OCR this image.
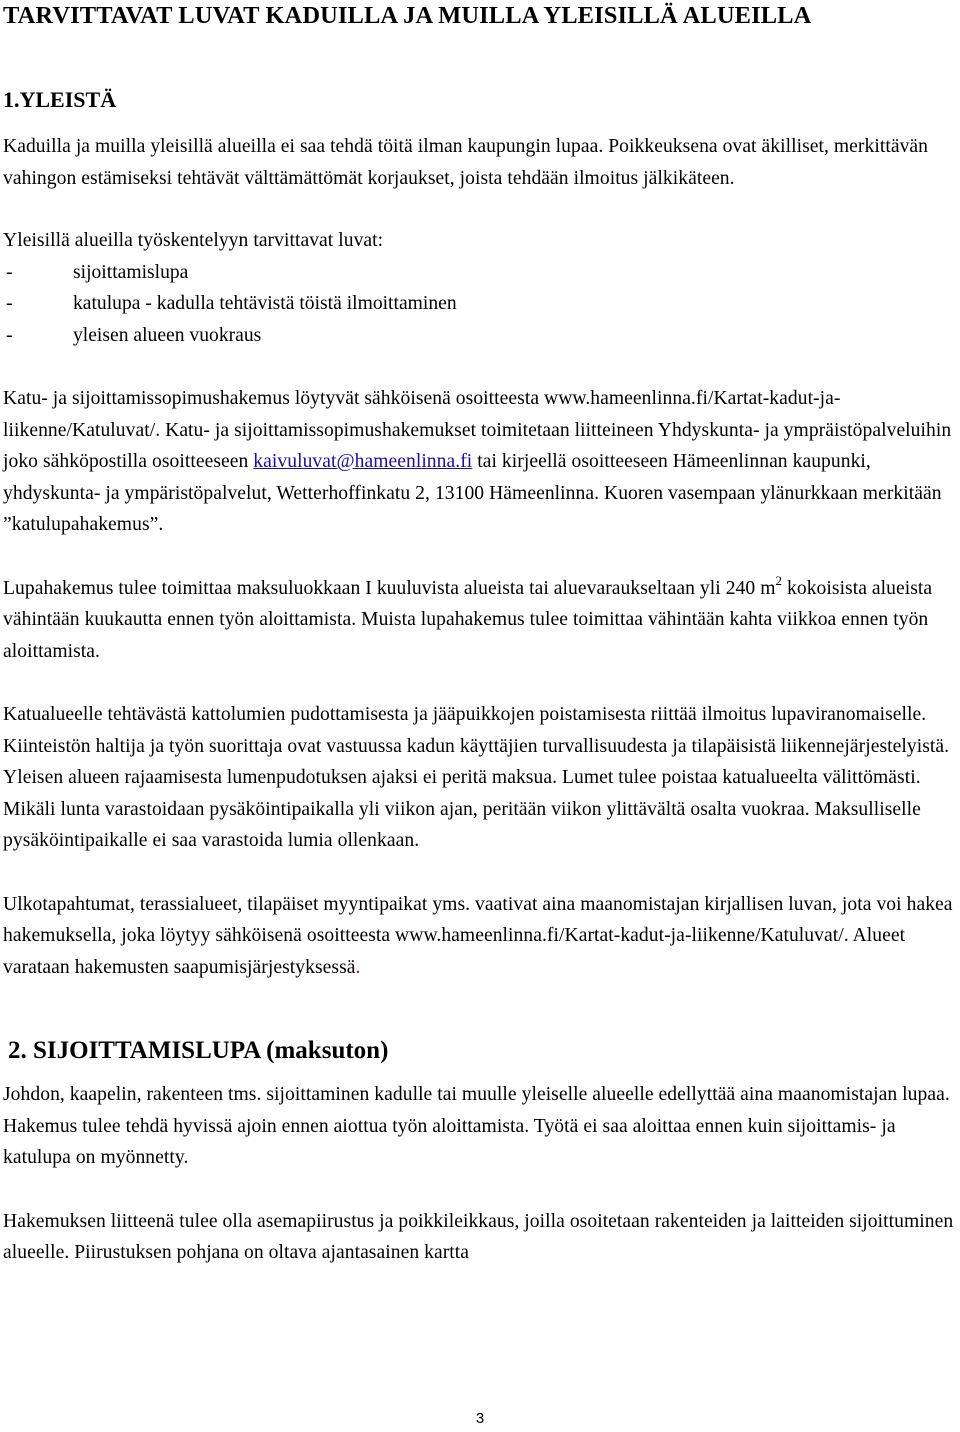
TARVITTAVAT LUVAT KADUILLA JA MUILLA YLEISILLÄ ALUEILLA
1.YLEISTÄ

Kaduilla ja muilla yleisillä alueilla ei saa tehdä töitä ilman kaupungin lupaa. Poikkeuksena ovat äkilliset, merkittävän vahingon estämiseksi tehtävät välttämättömät korjaukset, joista tehdään ilmoitus jälkikäteen.

Yleisillä alueilla työskentelyyn tarvittavat luvat:

-	sijoittamislupa
-	katulupa - kadulla tehtävistä töistä ilmoittaminen
-	yleisen alueen vuokraus

Katu- ja sijoittamissopimushakemus löytyvät sähköisenä osoitteesta www.hameenlinna.fi/Kartat-kadut-ja-liikenne/Katuluvat/. Katu- ja sijoittamissopimushakemukset toimitetaan liitteineen Yhdyskunta- ja ympräistöpalveluihin joko sähköpostilla osoitteeseen kaivuluvat@hameenlinna.fi tai kirjeellä osoitteeseen Hämeenlinnan kaupunki, yhdyskunta- ja ympäristöpalvelut, Wetterhoffinkatu 2, 13100 Hämeenlinna. Kuoren vasempaan ylänurkkaan merkitään ”katulupahakemus”.

Lupahakemus tulee toimittaa maksuluokkaan I kuuluvista alueista tai aluevaraukseltaan yli 240 $m^2$ kokoisista alueista vähintään kuukautta ennen työn aloittamista. Muista lupahakemus tulee toimittaa vähintään kahta viikkoa ennen työn aloittamista.

Katualueelle tehtävästä kattolumien pudottamisesta ja jääpuikkojen poistamisesta riittää ilmoitus lupaviranomaiselle. Kiinteistön haltija ja työn suorittaja ovat vastuussa kadun käyttäjien turvallisuudesta ja tilapäisistä liikennejärjestelyistä. Yleisen alueen rajaamisesta lumenpudotuksen ajaksi ei peritä maksua. Lumet tulee poistaa katualueelta välittömästi. Mikäli lunta varastoidaan pysäköintipaikalla yli viikon ajan, peritään viikon ylittävältä osalta vuokraa. Maksulliselle pysäköintipaikalle ei saa varastoida lumia ollenkaan.

Ulkotapahtumat, terassialueet, tilapäiset myyntipaikat yms. vaativat aina maanomistajan kirjallisen luvan, jota voi hakea hakemuksella, joka löytyy sähköisenä osoitteesta www.hameenlinna.fi/Kartat-kadut-ja-liikenne/Katuluvat/. Alueet varataan hakemusten saapumisjärjestyksessä.

2. SIJOITTAMISLUPA (maksuton)

Johdon, kaapelin, rakenteen tms. sijoittaminen kadulle tai muulle yleiselle alueelle edellyttää aina maanomistajan lupaa. Hakemus tulee tehdä hyvissä ajoin ennen aiottua työn aloittamista. Työtä ei saa aloittaa ennen kuin sijoittamis- ja katulupa on myönnetty.

Hakemuksen liitteenä tulee olla asemapiirustus ja poikkileikkaus, joilla osoitetaan rakenteiden ja laitteiden sijoittuminen alueelle. Piirustuksen pohjana on oltava ajantasainen kartta

3
